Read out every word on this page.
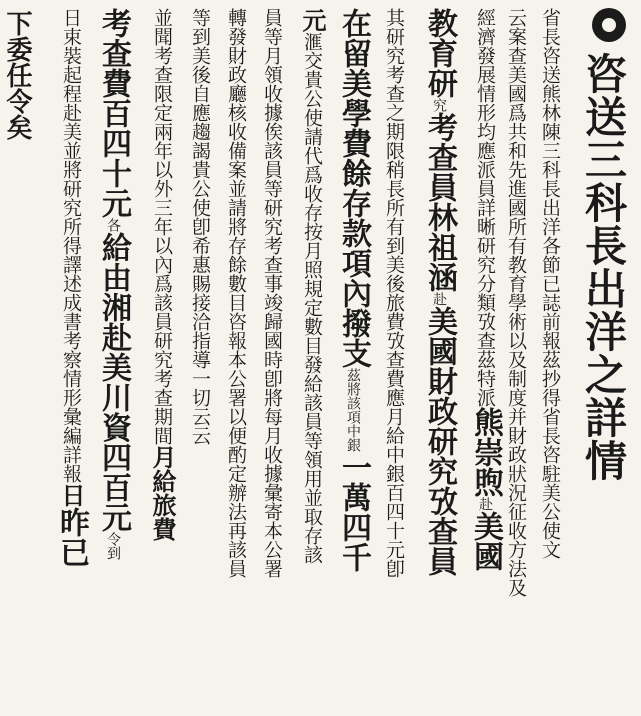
咨送三科長出洋之詳情
省長咨送熊林陳三科長出洋各節已誌前報茲抄得省長咨駐美公使文
云案查美國爲共和先進國所有教育學術以及制度并財政狀況征收方法及
經濟發展情形均應派員詳晰研究分類攷查茲特派熊崇煦赴美國
教育研究考查員林祖涵赴美國財政研究攷查員
其研究考查之期限稍長所有到美後旅費攷查費應月給中銀百四十元卽
在留美學費餘存款項內撥支茲將該項中銀一萬四千
元滙交貴公使請代爲收存按月照規定數目發給該員等領用並取存該
員等月領收據俟該員等研究考查事竣歸國時卽將每月收據彙寄本公署
轉發財政廳核收備案並請將存餘數目咨報本公署以便酌定辦法再該員
等到美後自應趨謁貴公使卽希惠賜接洽指導一切云云
並聞考查限定兩年以外三年以內爲該員研究考查期間月給旅費
考查費百四十元各給由湘赴美川資四百元令到
日束裝起程赴美並將研究所得譯述成書考察情形彙編詳報日昨已
下委任令矣
